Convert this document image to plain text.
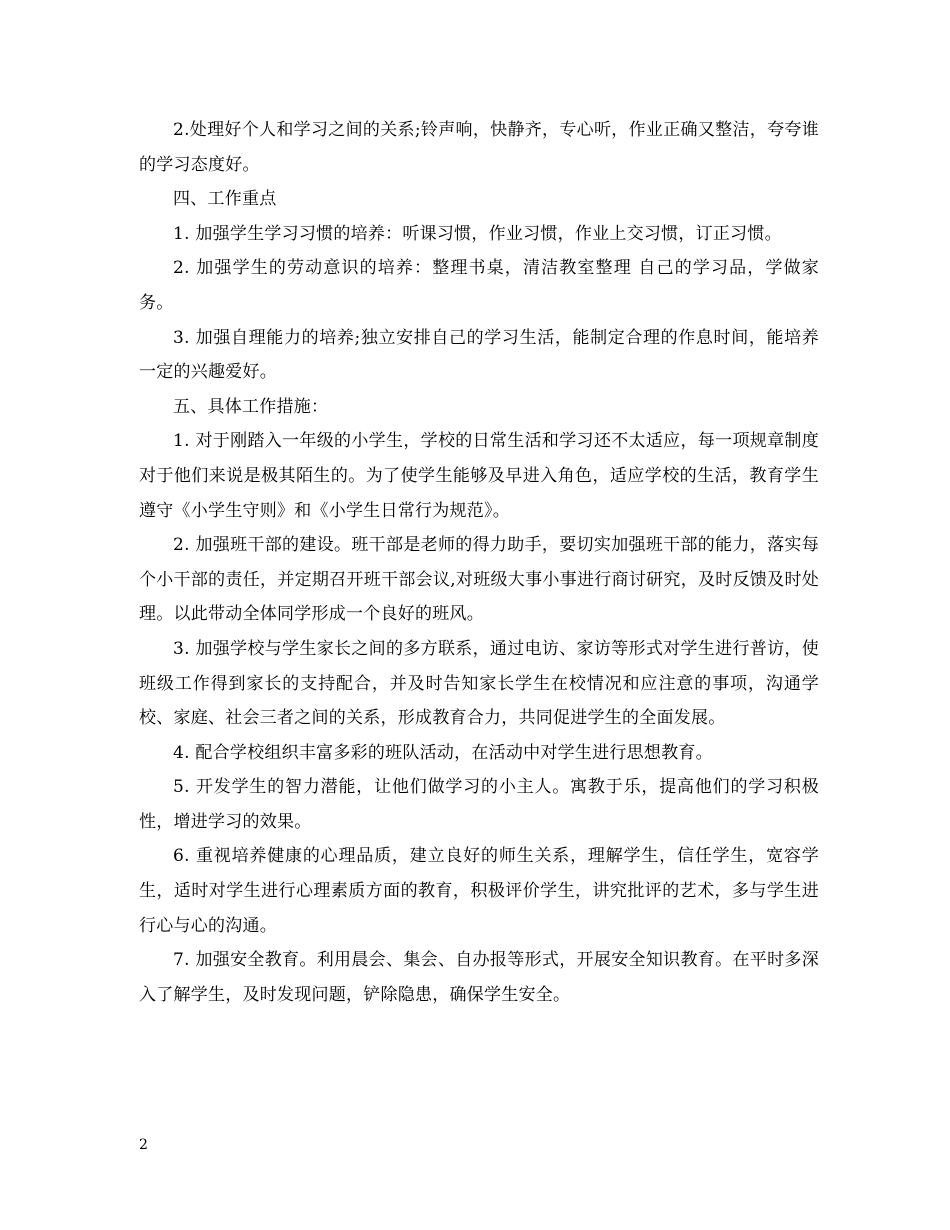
2.处理好个人和学习之间的关系;铃声响，快静齐，专心听，作业正确又整洁，夸夸谁的学习态度好。

四、工作重点

1. 加强学生学习习惯的培养：听课习惯，作业习惯，作业上交习惯，订正习惯。

2. 加强学生的劳动意识的培养：整理书桌，清洁教室整理 自己的学习品，学做家务。

3. 加强自理能力的培养;独立安排自己的学习生活，能制定合理的作息时间，能培养一定的兴趣爱好。

五、具体工作措施：

1. 对于刚踏入一年级的小学生，学校的日常生活和学习还不太适应，每一项规章制度对于他们来说是极其陌生的。为了使学生能够及早进入角色，适应学校的生活，教育学生遵守《小学生守则》和《小学生日常行为规范》。

2. 加强班干部的建设。班干部是老师的得力助手，要切实加强班干部的能力，落实每个小干部的责任，并定期召开班干部会议,对班级大事小事进行商讨研究，及时反馈及时处理。以此带动全体同学形成一个良好的班风。

3. 加强学校与学生家长之间的多方联系，通过电访、家访等形式对学生进行普访，使班级工作得到家长的支持配合，并及时告知家长学生在校情况和应注意的事项，沟通学校、家庭、社会三者之间的关系，形成教育合力，共同促进学生的全面发展。

4. 配合学校组织丰富多彩的班队活动，在活动中对学生进行思想教育。

5. 开发学生的智力潜能，让他们做学习的小主人。寓教于乐，提高他们的学习积极性，增进学习的效果。

6. 重视培养健康的心理品质，建立良好的师生关系，理解学生，信任学生，宽容学生，适时对学生进行心理素质方面的教育，积极评价学生，讲究批评的艺术，多与学生进行心与心的沟通。

7. 加强安全教育。利用晨会、集会、自办报等形式，开展安全知识教育。在平时多深入了解学生，及时发现问题，铲除隐患，确保学生安全。

2
